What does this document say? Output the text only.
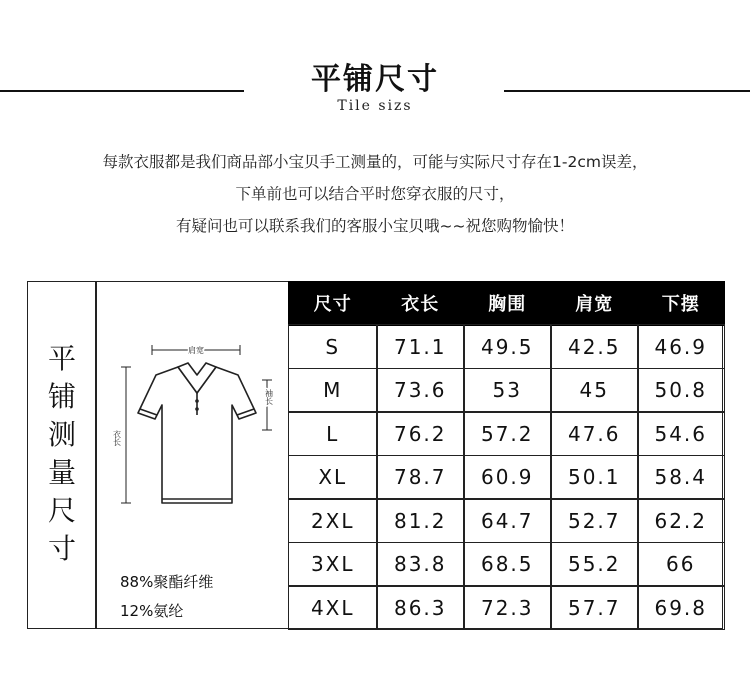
平铺尺寸
Tile sizs
每款衣服都是我们商品部小宝贝手工测量的，可能与实际尺寸存在1-2cm误差，
下单前也可以结合平时您穿衣服的尺寸，
有疑问也可以联系我们的客服小宝贝哦~~祝您购物愉快！
平
铺
测
量
尺
寸
肩宽
衣长
袖长
88%聚酯纤维
12%氨纶
尺寸	衣长	胸围	肩宽	下摆
S	71.1	49.5	42.5	46.9
M	73.6	53	45	50.8
L	76.2	57.2	47.6	54.6
XL	78.7	60.9	50.1	58.4
2XL	81.2	64.7	52.7	62.2
3XL	83.8	68.5	55.2	66
4XL	86.3	72.3	57.7	69.8
